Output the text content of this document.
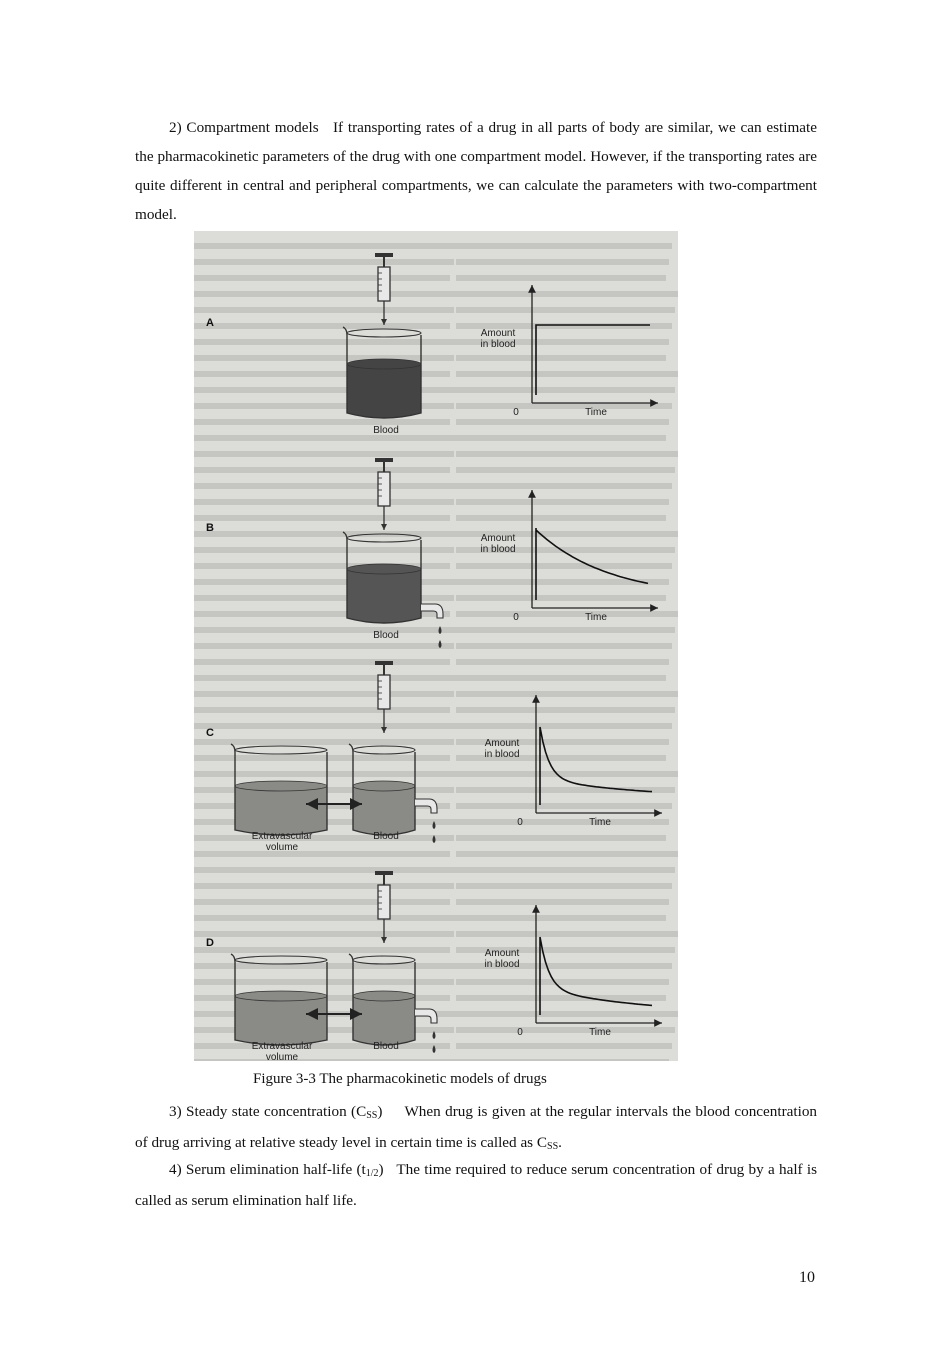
2) Compartment models If transporting rates of a drug in all parts of body are similar, we can estimate the pharmacokinetic parameters of the drug with one compartment model. However, if the transporting rates are quite different in central and peripheral compartments, we can calculate the parameters with two-compartment model.

A
Blood
Amount
in blood
0	Time
B
Blood
Amount
in blood
0	Time
C
Extravascular
volume
Blood
Amount
in blood
0	Time
D
Extravascular
volume
Blood
Amount
in blood
0	Time
Figure 3-3 The pharmacokinetic models of drugs

3) Steady state concentration $(C_{SS})$ When drug is given at the regular intervals the blood concentration of drug arriving at relative steady level in certain time is called as $C_{SS}$.

4) Serum elimination half-life $(t_{1/2})$ The time required to reduce serum concentration of drug by a half is called as serum elimination half life.

10
